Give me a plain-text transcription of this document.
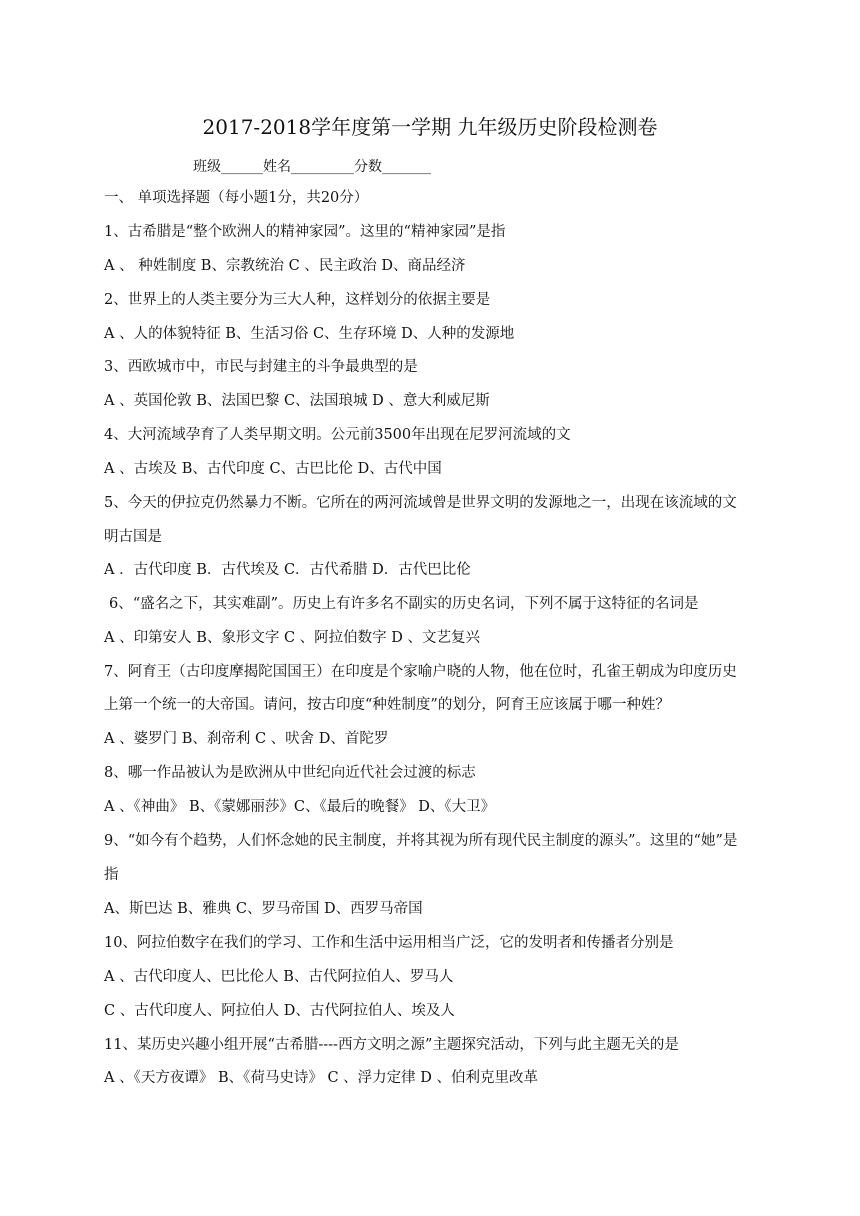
2017-2018学年度第一学期 九年级历史阶段检测卷
班级______姓名_________分数_______
一、 单项选择题（每小题1分，共20分）
1、古希腊是“整个欧洲人的精神家园”。这里的“精神家园”是指
A 、 种姓制度 B、宗教统治 C 、民主政治 D、商品经济
2、世界上的人类主要分为三大人种，这样划分的依据主要是
A 、人的体貌特征 B、生活习俗 C、生存环境 D、人种的发源地
3、西欧城市中，市民与封建主的斗争最典型的是
A 、英国伦敦 B、法国巴黎 C、法国琅城 D 、意大利威尼斯
4、大河流域孕育了人类早期文明。公元前3500年出现在尼罗河流域的文
A 、古埃及 B、古代印度 C、古巴比伦 D、古代中国
5、今天的伊拉克仍然暴力不断。它所在的两河流域曾是世界文明的发源地之一，出现在该流域的文
明古国是
A ．古代印度 B．古代埃及 C．古代希腊 D．古代巴比伦
6、“盛名之下，其实难副”。历史上有许多名不副实的历史名词，下列不属于这特征的名词是
A 、印第安人 B、象形文字 C 、阿拉伯数字 D 、文艺复兴
7、阿育王（古印度摩揭陀国国王）在印度是个家喻户晓的人物，他在位时，孔雀王朝成为印度历史
上第一个统一的大帝国。请问，按古印度“种姓制度”的划分，阿育王应该属于哪一种姓？
A 、婆罗门 B、刹帝利 C 、吠舍 D、首陀罗
8、哪一作品被认为是欧洲从中世纪向近代社会过渡的标志
A 、《神曲》 B、《蒙娜丽莎》C、《最后的晚餐》 D、《大卫》
9、“如今有个趋势，人们怀念她的民主制度，并将其视为所有现代民主制度的源头”。这里的“她”是
指
A、斯巴达 B、雅典 C、罗马帝国 D、西罗马帝国
10、阿拉伯数字在我们的学习、工作和生活中运用相当广泛，它的发明者和传播者分别是
A 、古代印度人、巴比伦人 B、古代阿拉伯人、罗马人
C 、古代印度人、阿拉伯人 D、古代阿拉伯人、埃及人
11、某历史兴趣小组开展“古希腊----西方文明之源”主题探究活动，下列与此主题无关的是
A 、《天方夜谭》 B、《荷马史诗》 C 、浮力定律 D 、伯利克里改革
